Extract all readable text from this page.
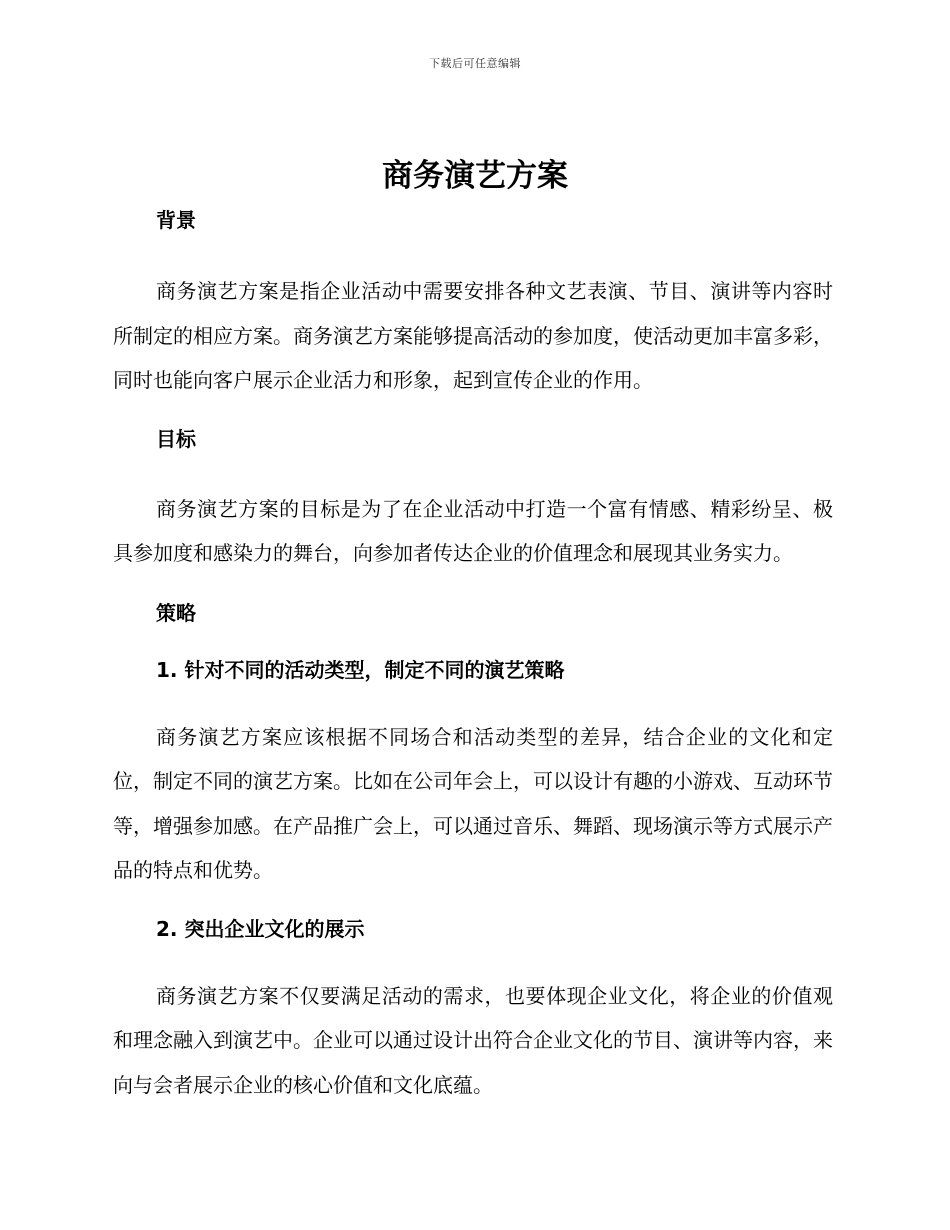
下载后可任意编辑
商务演艺方案

背景

商务演艺方案是指企业活动中需要安排各种文艺表演、节目、演讲等内容时所制定的相应方案。商务演艺方案能够提高活动的参加度，使活动更加丰富多彩，同时也能向客户展示企业活力和形象，起到宣传企业的作用。

目标

商务演艺方案的目标是为了在企业活动中打造一个富有情感、精彩纷呈、极具参加度和感染力的舞台，向参加者传达企业的价值理念和展现其业务实力。

策略

1. 针对不同的活动类型，制定不同的演艺策略

商务演艺方案应该根据不同场合和活动类型的差异，结合企业的文化和定位，制定不同的演艺方案。比如在公司年会上，可以设计有趣的小游戏、互动环节等，增强参加感。在产品推广会上，可以通过音乐、舞蹈、现场演示等方式展示产品的特点和优势。

2. 突出企业文化的展示

商务演艺方案不仅要满足活动的需求，也要体现企业文化，将企业的价值观和理念融入到演艺中。企业可以通过设计出符合企业文化的节目、演讲等内容，来向与会者展示企业的核心价值和文化底蕴。
